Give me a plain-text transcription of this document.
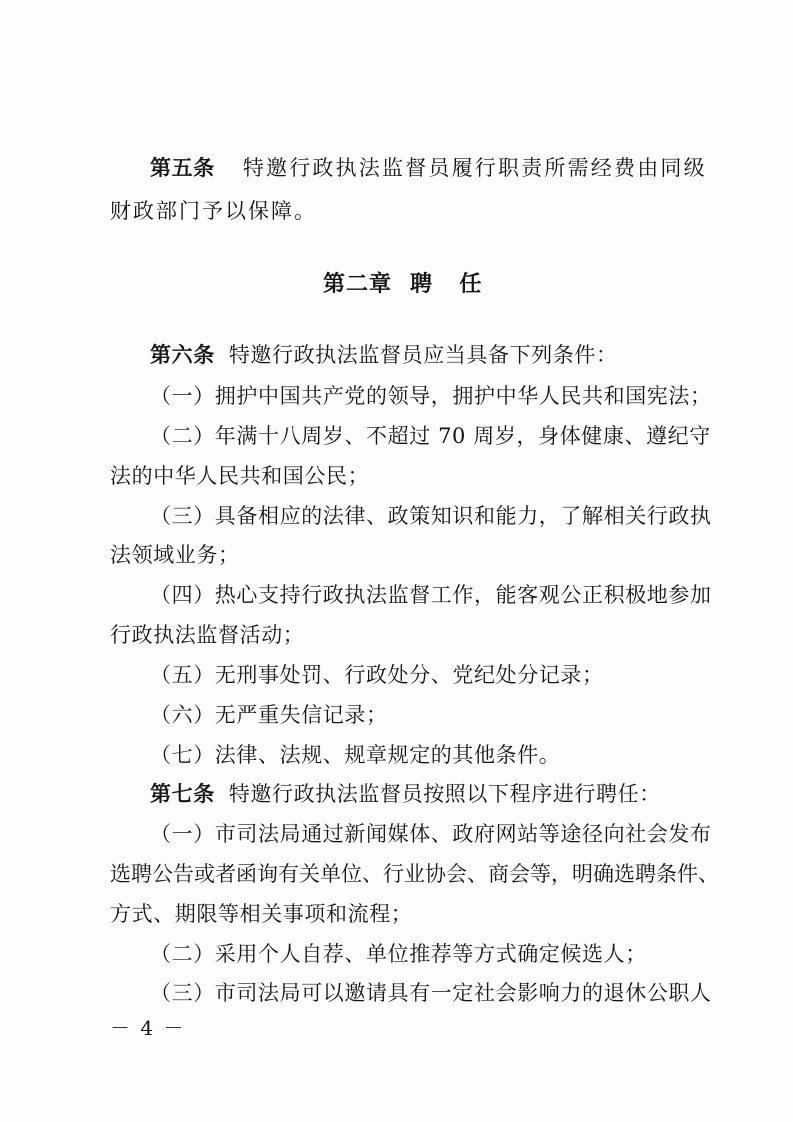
第五条 特邀行政执法监督员履行职责所需经费由同级
财政部门予以保障。
第二章 聘  任
第六条 特邀行政执法监督员应当具备下列条件：
（一）拥护中国共产党的领导，拥护中华人民共和国宪法；
（二）年满十八周岁、不超过 70 周岁，身体健康、遵纪守
法的中华人民共和国公民；
（三）具备相应的法律、政策知识和能力，了解相关行政执
法领域业务；
（四）热心支持行政执法监督工作，能客观公正积极地参加
行政执法监督活动；
（五）无刑事处罚、行政处分、党纪处分记录；
（六）无严重失信记录；
（七）法律、法规、规章规定的其他条件。
第七条 特邀行政执法监督员按照以下程序进行聘任：
（一）市司法局通过新闻媒体、政府网站等途径向社会发布
选聘公告或者函询有关单位、行业协会、商会等，明确选聘条件、
方式、期限等相关事项和流程；
（二）采用个人自荐、单位推荐等方式确定候选人；
（三）市司法局可以邀请具有一定社会影响力的退休公职人
－ 4 －
